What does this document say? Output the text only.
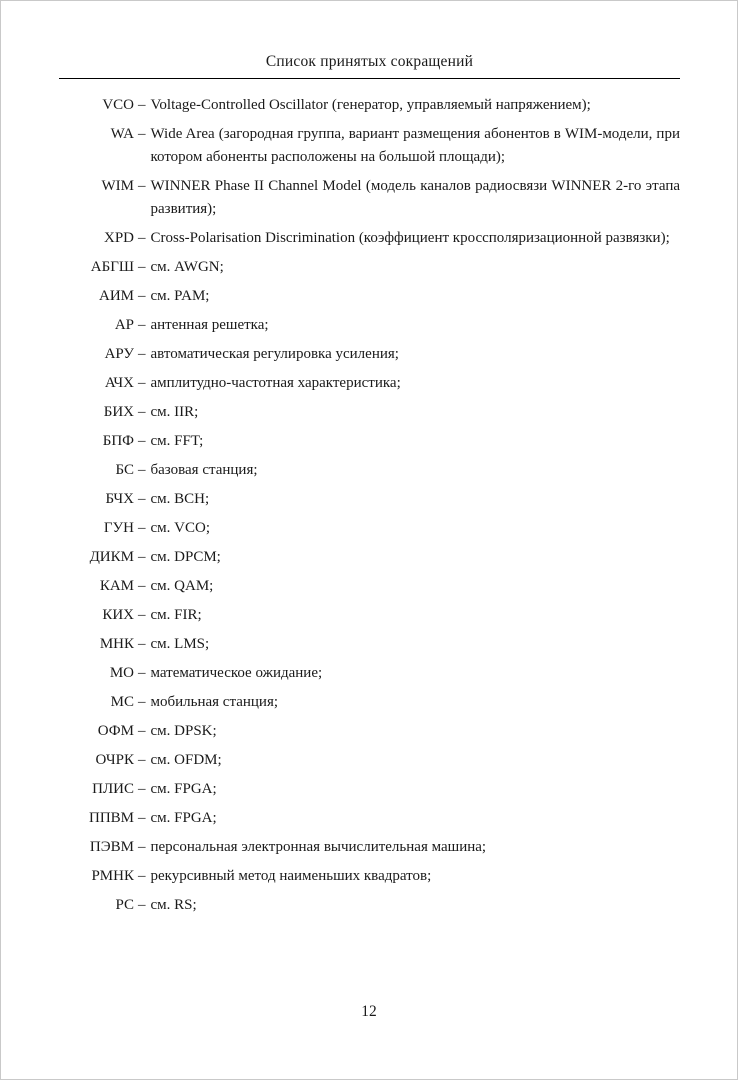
Список принятых сокращений
VCO – Voltage-Controlled Oscillator (генератор, управляемый напряжением);
WA – Wide Area (загородная группа, вариант размещения абонентов в WIM-модели, при котором абоненты расположены на большой площади);
WIM – WINNER Phase II Channel Model (модель каналов радиосвязи WINNER 2-го этапа развития);
XPD – Cross-Polarisation Discrimination (коэффициент кроссполяризационной развязки);
АБГШ – см. AWGN;
АИМ – см. PAM;
АР – антенная решетка;
АРУ – автоматическая регулировка усиления;
АЧХ – амплитудно-частотная характеристика;
БИХ – см. IIR;
БПФ – см. FFT;
БС – базовая станция;
БЧХ – см. BCH;
ГУН – см. VCO;
ДИКМ – см. DPCM;
КАМ – см. QAM;
КИХ – см. FIR;
МНК – см. LMS;
МО – математическое ожидание;
МС – мобильная станция;
ОФМ – см. DPSK;
ОЧРК – см. OFDM;
ПЛИС – см. FPGA;
ППВМ – см. FPGA;
ПЭВМ – персональная электронная вычислительная машина;
РМНК – рекурсивный метод наименьших квадратов;
РС – см. RS;
12
